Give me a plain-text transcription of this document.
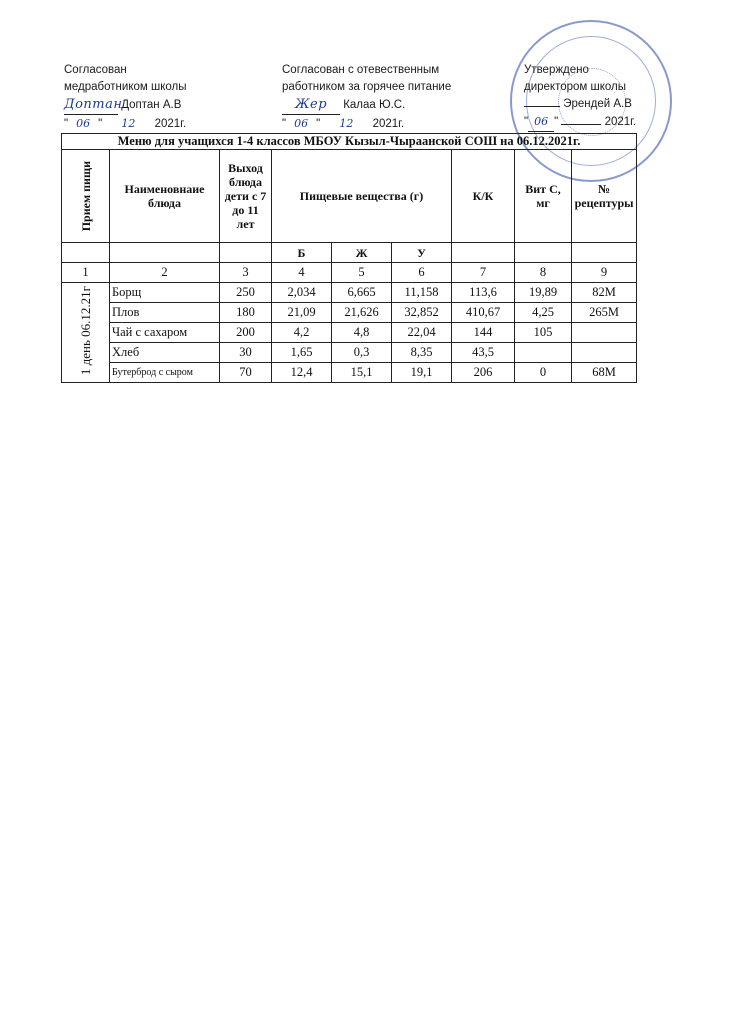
Согласован
медработником школы
Доптан Доптан А.В
" 06 " 12 2021г.
Согласован с отевественным
работником за горячее питание
Жер Калаа Ю.С.
" 06 " 12 2021г.
Утверждено
директором школы
Эрендей А.В
" 06 "	2021г.
Меню для учащихся 1-4 классов МБОУ Кызыл-Чыраанской СОШ на 06.12.2021г.								

Прием пищи	Наименовнаие блюда	Выход блюда дети с 7 до 11 лет	Пищевые вещества (г)			К/К	Вит С, мг	№ рецептуры
			Б	Ж	У			
1	2	3	4	5	6	7	8	9
1 день 06.12.21г	Борщ	250	2,034	6,665	11,158	113,6	19,89	82М
	Плов	180	21,09	21,626	32,852	410,67	4,25	265М
	Чай с сахаром	200	4,2	4,8	22,04	144	105	
	Хлеб	30	1,65	0,3	8,35	43,5		
	Бутерброд с сыром	70	12,4	15,1	19,1	206	0	68М
